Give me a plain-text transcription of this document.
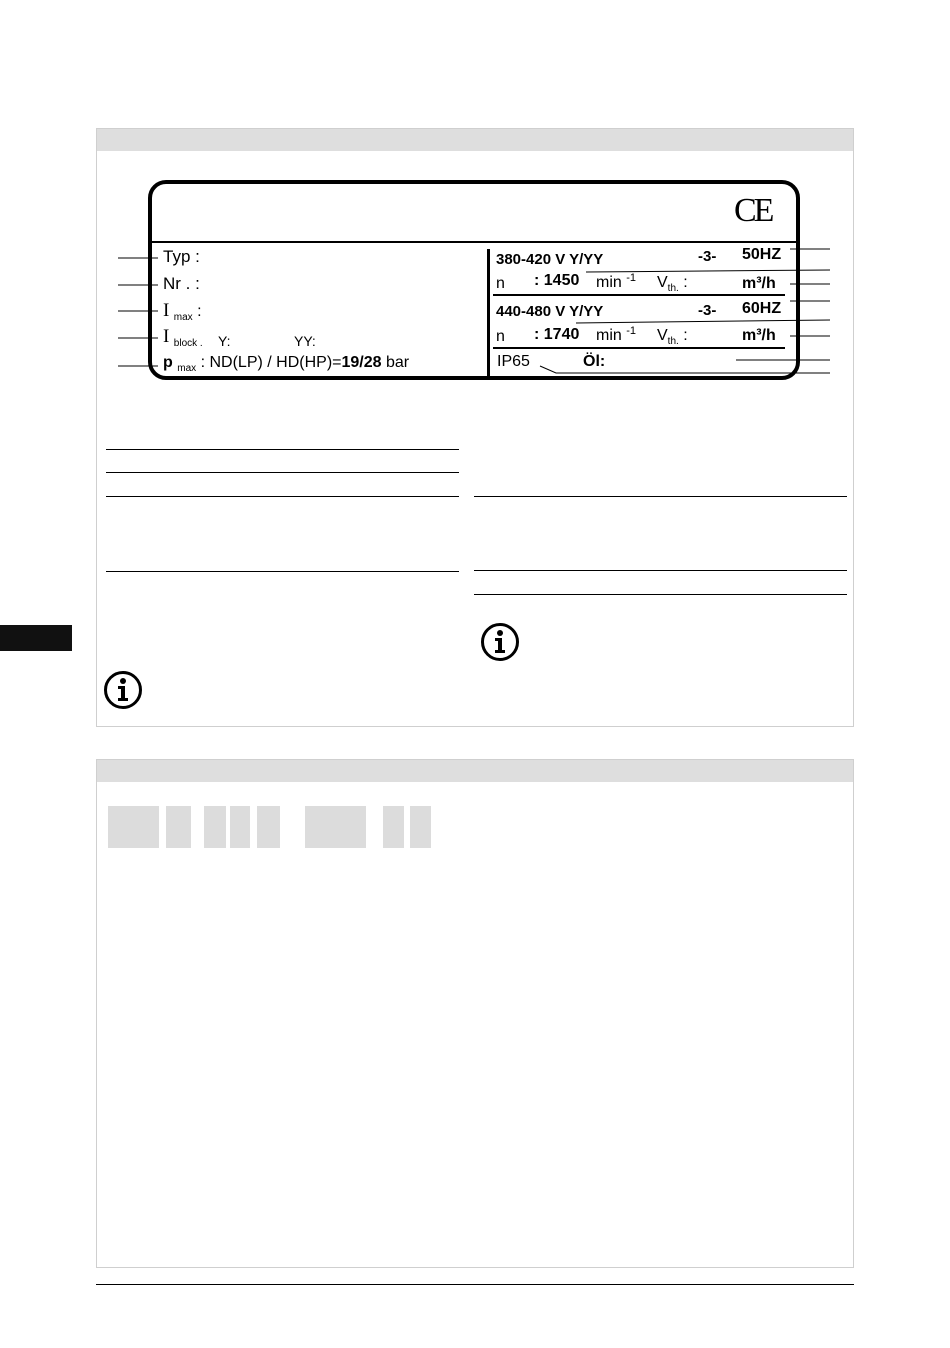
CE
Typ :
Nr . :
I $_{max}$ :
I $_{block .}$ Y:	YY:
p $_{max}$ : ND(LP) / HD(HP)=19/28 bar
380-420 V Y/YY	-3- 50HZ
n : 1450 min $^{-1}$ $V_{th.}$ :	m³/h
440-480 V Y/YY	-3- 60HZ
n : 1740 min $^{-1}$ $V_{th.}$ :	m³/h
IP65	Öl:
